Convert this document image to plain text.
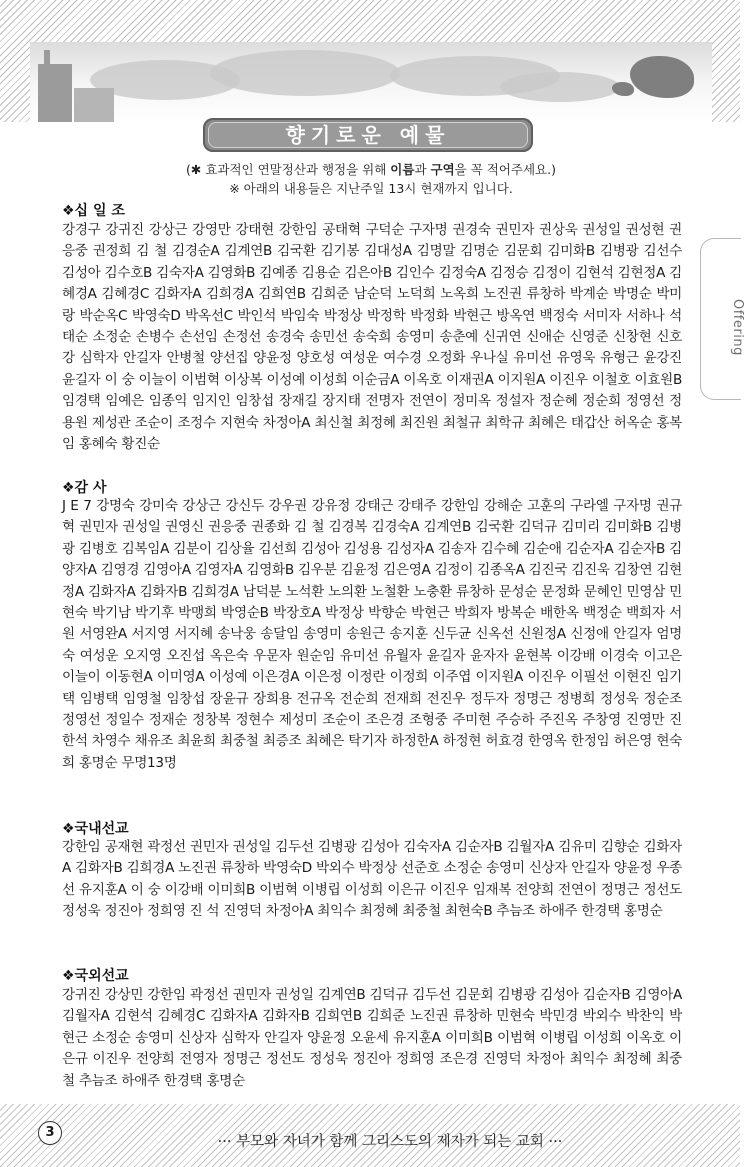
Offering
향기로운 예물
(✱ 효과적인 연말정산과 행정을 위해 이름과 구역을 꼭 적어주세요.)
※ 아래의 내용들은 지난주일 13시 현재까지 입니다.
❖십 일 조
강경구 강귀진 강상근 강영만 강태현 강한임 공태혁 구덕순 구자명 권경숙 권민자 권상욱 권성일 권성현 권응중 권정희 김 철 김경순A 김계연B 김국환 김기봉 김대성A 김명말 김명순 김문회 김미화B 김병광 김선수 김성아 김수호B 김숙자A 김영화B 김예종 김용순 김은아B 김인수 김정숙A 김정승 김정이 김현석 김현정A 김혜경A 김혜경C 김화자A 김희경A 김희연B 김희준 남순덕 노덕희 노옥희 노진권 류창하 박계순 박명순 박미랑 박순옥C 박영숙D 박옥선C 박인석 박임숙 박정상 박정학 박정화 박현근 방옥연 백정숙 서미자 서하나 석태순 소정순 손병수 손선임 손정선 송경숙 송민선 송숙희 송영미 송춘예 신귀연 신애순 신영준 신창현 신호강 심학자 안길자 안병철 양선집 양윤정 양호성 여성운 여수경 오정화 우나실 유미선 유영욱 유형근 윤강진 윤길자 이 숭 이늘이 이범혁 이상복 이성예 이성희 이순금A 이옥호 이재권A 이지원A 이진우 이철호 이효원B 임경택 임예은 임종익 임지인 임창섭 장재길 장지태 전명자 전연이 정미옥 정설자 정순혜 정순희 정영선 정용원 제성관 조순이 조정수 지현숙 차정아A 최신철 최정혜 최진원 최철규 최학규 최혜은 태갑산 허옥순 홍복임 홍혜숙 황진순
❖감 사
J E 7 강명숙 강미숙 강상근 강신두 강우권 강유정 강태근 강태주 강한임 강해순 고훈의 구라엘 구자명 권규혁 권민자 권성일 권영신 권응중 권종화 김 철 김경복 김경숙A 김계연B 김국환 김덕규 김미리 김미화B 김병광 김병호 김복임A 김분이 김상율 김선희 김성아 김성용 김성자A 김송자 김수혜 김순애 김순자A 김순자B 김양자A 김영경 김영아A 김영자A 김영화B 김우분 김윤정 김은영A 김정이 김종옥A 김진국 김진욱 김창연 김현정A 김화자A 김화자B 김희경A 남덕분 노석환 노의환 노철환 노충환 류창하 문성순 문정화 문혜인 민영삼 민현숙 박기남 박기후 박맹희 박영순B 박장호A 박정상 박향순 박현근 박희자 방복순 배한옥 백정순 백희자 서 원 서영완A 서지영 서지혜 송낙웅 송달임 송영미 송원근 송지훈 신두균 신옥선 신원정A 신정애 안길자 엄명숙 여성운 오지영 오진섭 옥은숙 우문자 원순임 유미선 유월자 윤길자 윤자자 윤현복 이강배 이경숙 이고은 이늘이 이동현A 이미영A 이성예 이은경A 이은정 이정란 이정희 이주엽 이지원A 이진우 이필선 이현진 임기택 임병택 임영철 임창섭 장윤규 장희용 전규옥 전순희 전재희 전진우 정두자 정명근 정병희 정성욱 정순조 정영선 정일수 정재순 정창복 정현수 제성미 조순이 조은경 조형중 주미현 주승하 주진옥 주창영 진영만 진한석 차영수 채유조 최윤희 최중철 최증조 최혜은 탁기자 하정한A 하정현 허효경 한영옥 한정임 허은영 현숙희 홍명순 무명13명
❖국내선교
강한임 공재현 곽정선 권민자 권성일 김두선 김병광 김성아 김숙자A 김순자B 김월자A 김유미 김향순 김화자A 김화자B 김희경A 노진권 류창하 박영숙D 박외수 박정상 선준호 소정순 송영미 신상자 안길자 양윤정 우종선 유지훈A 이 숭 이강배 이미희B 이범혁 이병립 이성희 이은규 이진우 임재복 전양희 전연이 정명근 정선도 정성욱 정진아 정희영 진 석 진영덕 차정아A 최익수 최정혜 최중철 최현숙B 추늠조 하애주 한경택 홍명순
❖국외선교
강귀진 강상민 강한임 곽정선 권민자 권성일 김계연B 김덕규 김두선 김문회 김병광 김성아 김순자B 김영아A 김월자A 김현석 김혜경C 김화자A 김화자B 김희연B 김희준 노진권 류창하 민현숙 박민경 박외수 박찬익 박현근 소정순 송영미 신상자 심학자 안길자 양윤정 오윤세 유지훈A 이미희B 이범혁 이병립 이성희 이옥호 이은규 이진우 전양희 전영자 정명근 정선도 정성욱 정진아 정희영 조은경 진영덕 차정아 최익수 최정혜 최중철 추늠조 하애주 한경택 홍명순
3
··· 부모와 자녀가 함께 그리스도의 제자가 되는 교회 ···
